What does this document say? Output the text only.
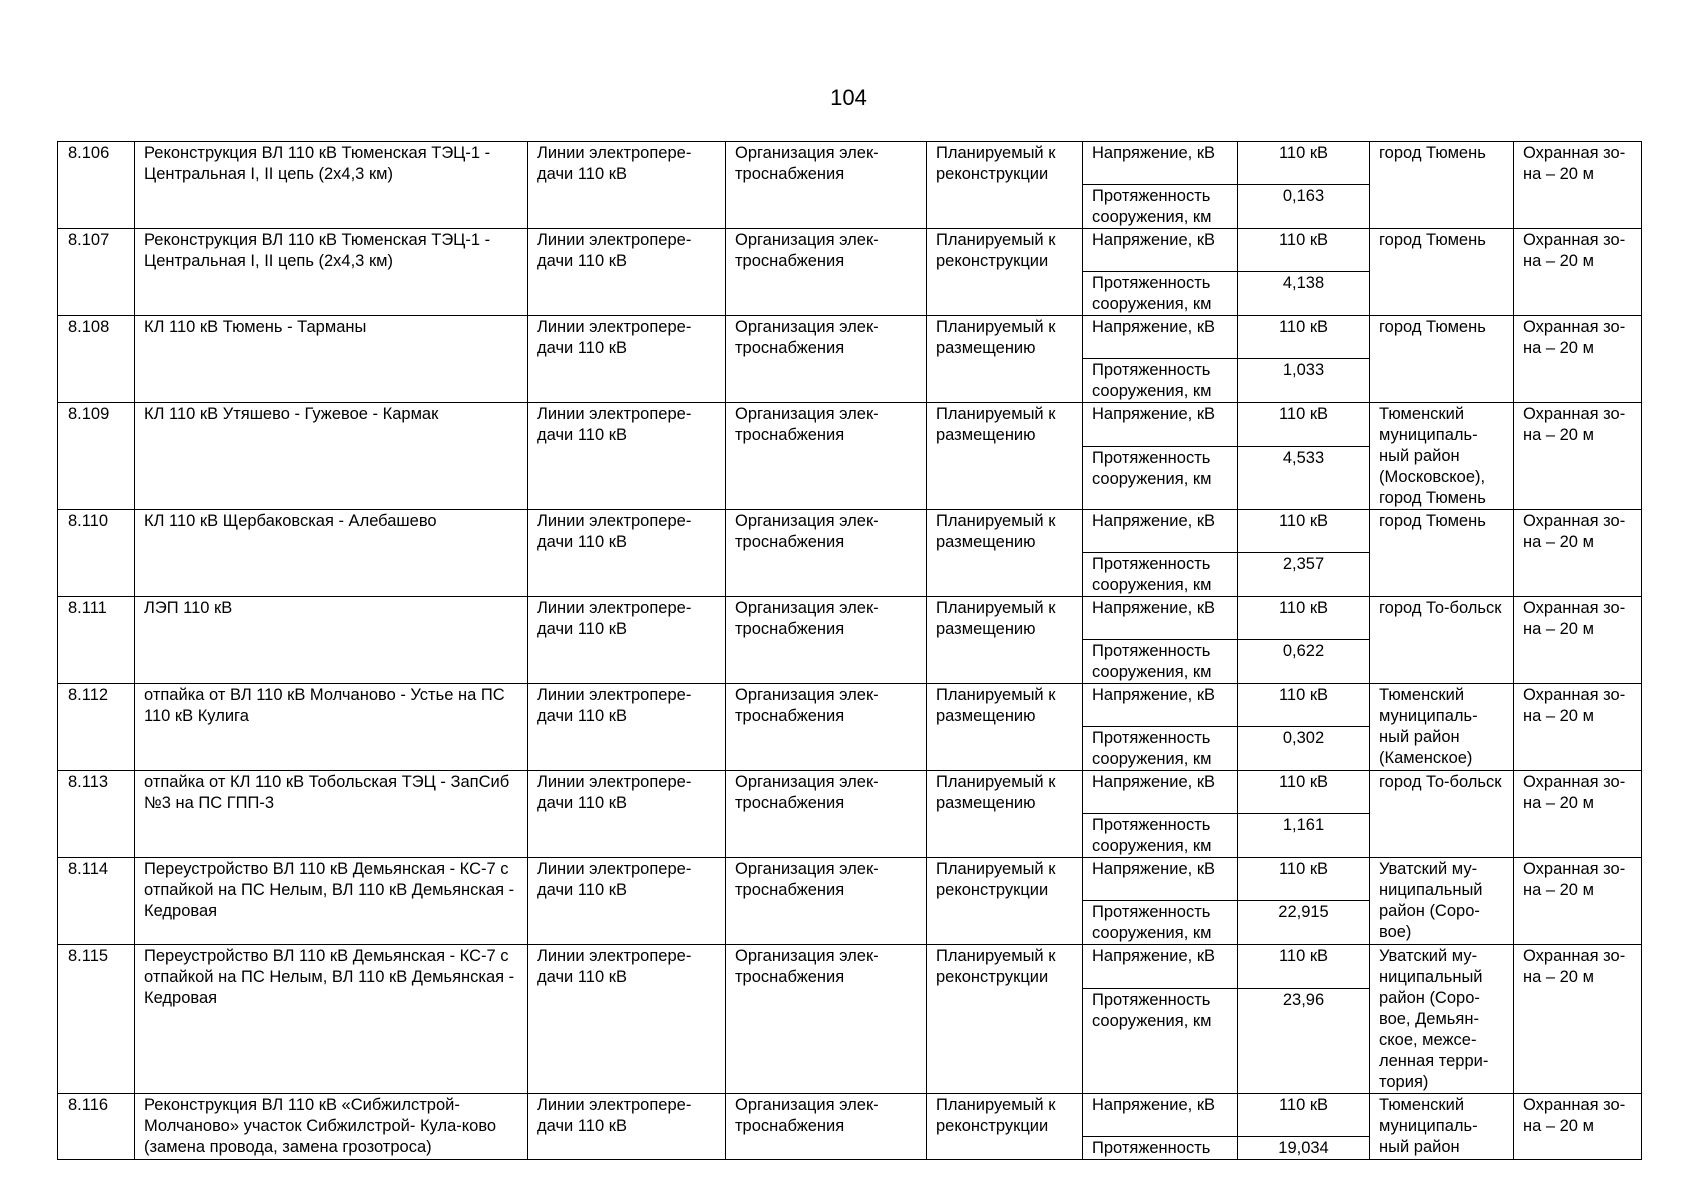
104
8.106	Реконструкция ВЛ 110 кВ Тюменская ТЭЦ-1 - Центральная I, II цепь (2х4,3 км)	Линии электропере-дачи 110 кВ	Организация элек-троснабжения	Планируемый к реконструкции	Напряжение, кВ	110 кВ	город Тюмень	Охранная зо-на – 20 м
					Протяженность сооружения, км	0,163		
8.107	Реконструкция ВЛ 110 кВ Тюменская ТЭЦ-1 - Центральная I, II цепь (2х4,3 км)	Линии электропере-дачи 110 кВ	Организация элек-троснабжения	Планируемый к реконструкции	Напряжение, кВ	110 кВ	город Тюмень	Охранная зо-на – 20 м
					Протяженность сооружения, км	4,138		
8.108	КЛ 110 кВ Тюмень - Тарманы	Линии электропере-дачи 110 кВ	Организация элек-троснабжения	Планируемый к размещению	Напряжение, кВ	110 кВ	город Тюмень	Охранная зо-на – 20 м
					Протяженность сооружения, км	1,033		
8.109	КЛ 110 кВ Утяшево - Гужевое - Кармак	Линии электропере-дачи 110 кВ	Организация элек-троснабжения	Планируемый к размещению	Напряжение, кВ	110 кВ	Тюменский муниципаль-ный район (Московское), город Тюмень	Охранная зо-на – 20 м
					Протяженность сооружения, км	4,533		
8.110	КЛ 110 кВ Щербаковская - Алебашево	Линии электропере-дачи 110 кВ	Организация элек-троснабжения	Планируемый к размещению	Напряжение, кВ	110 кВ	город Тюмень	Охранная зо-на – 20 м
					Протяженность сооружения, км	2,357		
8.111	ЛЭП 110 кВ	Линии электропере-дачи 110 кВ	Организация элек-троснабжения	Планируемый к размещению	Напряжение, кВ	110 кВ	город То-больск	Охранная зо-на – 20 м
					Протяженность сооружения, км	0,622		
8.112	отпайка от ВЛ 110 кВ Молчаново - Устье на ПС 110 кВ Кулига	Линии электропере-дачи 110 кВ	Организация элек-троснабжения	Планируемый к размещению	Напряжение, кВ	110 кВ	Тюменский муниципаль-ный район (Каменское)	Охранная зо-на – 20 м
					Протяженность сооружения, км	0,302		
8.113	отпайка от КЛ 110 кВ Тобольская ТЭЦ - ЗапСиб №3 на ПС ГПП-3	Линии электропере-дачи 110 кВ	Организация элек-троснабжения	Планируемый к размещению	Напряжение, кВ	110 кВ	город То-больск	Охранная зо-на – 20 м
					Протяженность сооружения, км	1,161		
8.114	Переустройство ВЛ 110 кВ Демьянская - КС-7 с отпайкой на ПС Нелым, ВЛ 110 кВ Демьянская - Кедровая	Линии электропере-дачи 110 кВ	Организация элек-троснабжения	Планируемый к реконструкции	Напряжение, кВ	110 кВ	Уватский му-ниципальный район (Соро-вое)	Охранная зо-на – 20 м
					Протяженность сооружения, км	22,915		
8.115	Переустройство ВЛ 110 кВ Демьянская - КС-7 с отпайкой на ПС Нелым, ВЛ 110 кВ Демьянская - Кедровая	Линии электропере-дачи 110 кВ	Организация элек-троснабжения	Планируемый к реконструкции	Напряжение, кВ	110 кВ	Уватский му-ниципальный район (Соро-вое, Демьян-ское, межсе-ленная терри-тория)	Охранная зо-на – 20 м
					Протяженность сооружения, км	23,96		
8.116	Реконструкция ВЛ 110 кВ «Сибжилстрой-Молчаново» участок Сибжилстрой- Кула-ково (замена провода, замена грозотроса)	Линии электропере-дачи 110 кВ	Организация элек-троснабжения	Планируемый к реконструкции	Напряжение, кВ	110 кВ	Тюменский муниципаль-ный район	Охранная зо-на – 20 м
					Протяженность	19,034		
